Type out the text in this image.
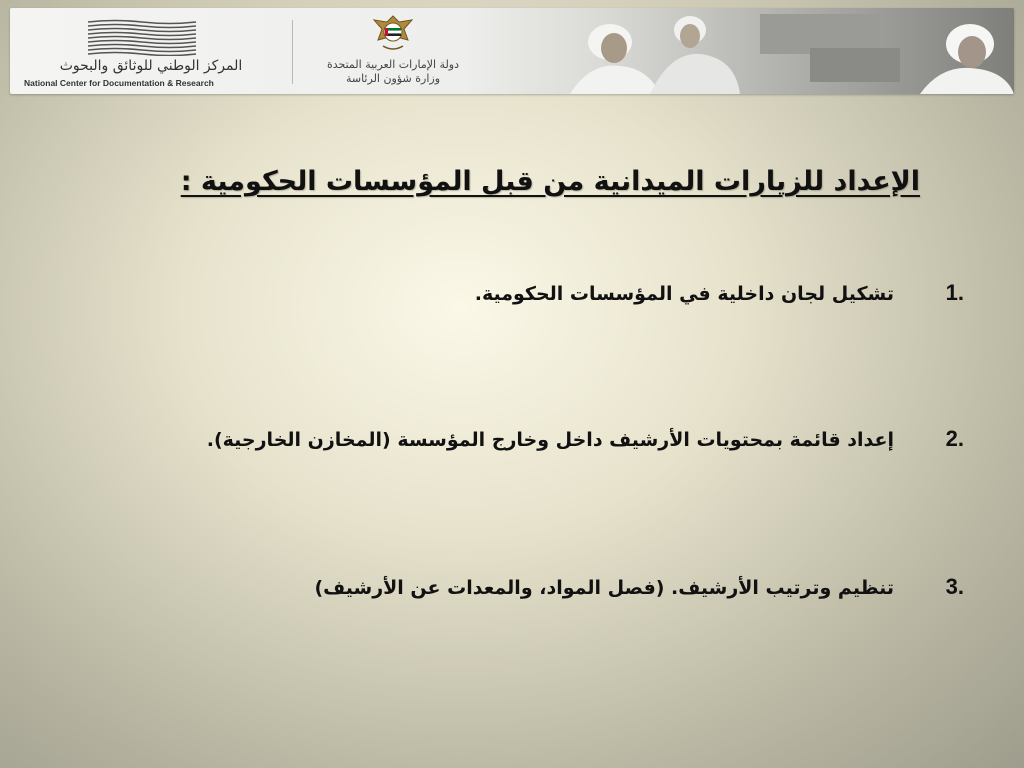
المركز الوطني للوثائق والبحوث
National Center for Documentation & Research
دولة الإمارات العربية المتحدة
وزارة شؤون الرئاسة
الإعداد للزيارات الميدانية من قبل المؤسسات الحكومية :
1.
تشكيل لجان داخلية في المؤسسات الحكومية.
2.
إعداد قائمة بمحتويات الأرشيف داخل وخارج المؤسسة (المخازن الخارجية).
3.
تنظيم وترتيب الأرشيف. (فصل المواد، والمعدات عن الأرشيف)
